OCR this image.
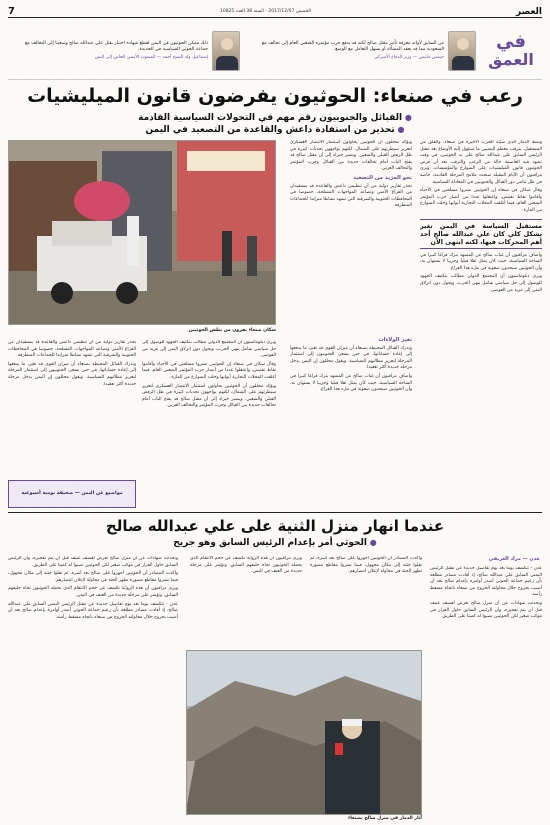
العصر
الخميس 2017/12/07 - السنة 38 العدد 10825
7
في
العمق
من السابق لأوانه معرفة تأثير مقتل صالح لكنه قد يدفع حزب مؤتمره الشعبي العام إلى تحالف مع السعودية مما قد يعقد المسألة أو يسهل التعامل مع الوضع.
جيمس ماتيس — وزير الدفاع الأميركي
ذلك ممكن الحوثيون في اليمن لقطع شهادة اختيار بقتل علي عبدالله صالح وسعينا إلى التحالف مع جماعة الحوثي السياسية في الحديدة.
إسماعيل ولد الشيخ أحمد — المبعوث الأممي الخاص إلى اليمن
رعب في صنعاء: الحوثيون يفرضون قانون الميليشيات
● القبائل والجنوبيون رقم مهم في التحولات السياسية القادمة
● تحذير من استفادة داعش والقاعدة من التصعيد في اليمن

وسط الدمار الذي سبّبه الحرب الأخيرة في صنعاء، والقلق من المستقبل، يترقب معظم اليمنيين ما ستؤول إليه الأوضاع بعد مقتل الرئيس السابق علي عبدالله صالح على يد الحوثيين، في وقت تشهد فيه العاصمة حالة من الرعب والترقب بعد أن فرض الحوثيون قانون الميليشيات على الشوارع والمؤسسات. ويرى مراقبون أن الأيام المقبلة ستحدد ملامح المرحلة القادمة، خاصة في ظل تنامي دور القبائل والجنوبيين في المعادلة السياسية.

وقال سكان في صنعاء إن الحوثيين نشروا مسلحين في الأحياء وأقاموا نقاط تفتيش، واعتقلوا عددا من أنصار حزب المؤتمر الشعبي العام، فيما أغلقت المحلات التجارية أبوابها وخلت الشوارع من المارة.

مستقبل السياسة في اليمن تغير بشكل كلي كان علي عبدالله صالح أحد أهم المحركات فيها، لكنه انتهى الآن

وأضاف مراقبون أن غياب صالح عن المشهد يترك فراغا كبيرا في الساحة السياسية، حيث كان يمثل ثقلا قبليا وحزبيا لا يستهان به، وأن الحوثيين سيجدون صعوبة في ملء هذا الفراغ.

ويرى دبلوماسيون أن المجتمع الدولي مطالب بتكثيف الجهود للوصول إلى حل سياسي شامل ينهي الحرب، ويحول دون انزلاق اليمن إلى مزيد من الفوضى.

ويؤكد محللون أن الحوثيين يحاولون استثمار الانتصار العسكري لتعزيز سيطرتهم على الشمال، لكنهم يواجهون تحديات كبيرة في ظل الرفض القبلي والشعبي. ويشير خبراء إلى أن مقتل صالح قد يفتح الباب أمام تحالفات جديدة بين القبائل وحزب المؤتمر والتحالف العربي.

نحو المزيد من التصعيد

تحذر تقارير دولية من أن تنظيمي داعش والقاعدة قد يستفيدان من الفراغ الأمني وتصاعد المواجهات المسلحة، خصوصا في المحافظات الجنوبية والشرقية التي تشهد نشاطا متزايدا للجماعات المتطرفة.

سكان صنعاء يفرون من بطش الحوثيين
تغير الولاءات

وتدرك القبائل المحيطة بصنعاء أن ميزان القوى قد تغير، ما يدفعها إلى إعادة حساباتها، في حين يسعى الجنوبيون إلى استثمار المرحلة لتعزيز مطالبهم السياسية. ويقول محللون إن اليمن يدخل مرحلة جديدة أكثر تعقيدا.

وأضاف مراقبون أن غياب صالح عن المشهد يترك فراغا كبيرا في الساحة السياسية، حيث كان يمثل ثقلا قبليا وحزبيا لا يستهان به، وأن الحوثيين سيجدون صعوبة في ملء هذا الفراغ.

ويرى دبلوماسيون أن المجتمع الدولي مطالب بتكثيف الجهود للوصول إلى حل سياسي شامل ينهي الحرب، ويحول دون انزلاق اليمن إلى مزيد من الفوضى.

وقال سكان في صنعاء إن الحوثيين نشروا مسلحين في الأحياء وأقاموا نقاط تفتيش، واعتقلوا عددا من أنصار حزب المؤتمر الشعبي العام، فيما أغلقت المحلات التجارية أبوابها وخلت الشوارع من المارة.

ويؤكد محللون أن الحوثيين يحاولون استثمار الانتصار العسكري لتعزيز سيطرتهم على الشمال، لكنهم يواجهون تحديات كبيرة في ظل الرفض القبلي والشعبي. ويشير خبراء إلى أن مقتل صالح قد يفتح الباب أمام تحالفات جديدة بين القبائل وحزب المؤتمر والتحالف العربي.

تحذر تقارير دولية من أن تنظيمي داعش والقاعدة قد يستفيدان من الفراغ الأمني وتصاعد المواجهات المسلحة، خصوصا في المحافظات الجنوبية والشرقية التي تشهد نشاطا متزايدا للجماعات المتطرفة.

وتدرك القبائل المحيطة بصنعاء أن ميزان القوى قد تغير، ما يدفعها إلى إعادة حساباتها، في حين يسعى الجنوبيون إلى استثمار المرحلة لتعزيز مطالبهم السياسية. ويقول محللون إن اليمن يدخل مرحلة جديدة أكثر تعقيدا.

مواضيع عن اليمن — صحيفة يومية أسبوعية
عندما انهار منزل الثنية على علي عبدالله صالح
● الحوثي أمر بإعدام الرئيس السابق وهو جريح
عدن — مراد العريفي

عدن - تتكشف يوما بعد يوم تفاصيل جديدة عن مقتل الرئيس اليمني السابق علي عبدالله صالح، إذ أفادت مصادر مطلعة بأن زعيم جماعة الحوثي أصدر أوامره بإعدام صالح بعد أن أصيب بجروح خلال محاولته الخروج من صنعاء باتجاه مسقط رأسه.

وتحدثت شهادات عن أن منزل صالح تعرض لقصف عنيف قبل أن يتم تفجيره، وأن الرئيس السابق حاول الفرار في موكب صغير لكن الحوثيين نصبوا له كمينا على الطريق.

وأكدت المصادر أن الحوثيين أجهزوا على صالح بعد أسره، ثم نقلوا جثته إلى مكان مجهول، فيما نشروا مقاطع مصورة تظهر الجثة في محاولة لإعلان انتصارهم.

ويرى مراقبون أن هذه الرواية تكشف عن حجم الانتقام الذي يحمله الحوثيون تجاه حليفهم السابق، وتؤشر على مرحلة جديدة من العنف في اليمن.

وتحدثت شهادات عن أن منزل صالح تعرض لقصف عنيف قبل أن يتم تفجيره، وأن الرئيس السابق حاول الفرار في موكب صغير لكن الحوثيين نصبوا له كمينا على الطريق.

وأكدت المصادر أن الحوثيين أجهزوا على صالح بعد أسره، ثم نقلوا جثته إلى مكان مجهول، فيما نشروا مقاطع مصورة تظهر الجثة في محاولة لإعلان انتصارهم.

ويرى مراقبون أن هذه الرواية تكشف عن حجم الانتقام الذي يحمله الحوثيون تجاه حليفهم السابق، وتؤشر على مرحلة جديدة من العنف في اليمن.

عدن - تتكشف يوما بعد يوم تفاصيل جديدة عن مقتل الرئيس اليمني السابق علي عبدالله صالح، إذ أفادت مصادر مطلعة بأن زعيم جماعة الحوثي أصدر أوامره بإعدام صالح بعد أن أصيب بجروح خلال محاولته الخروج من صنعاء باتجاه مسقط رأسه.

آثار الدمار في منزل صالح بصنعاء
